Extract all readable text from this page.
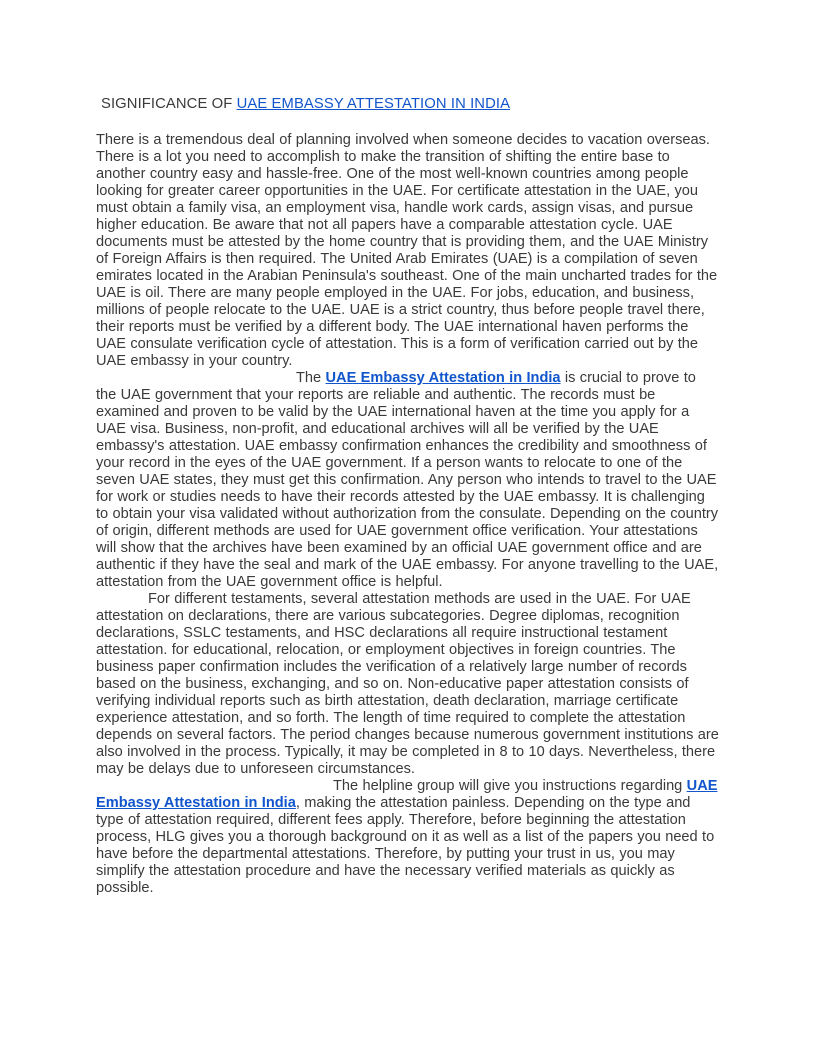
SIGNIFICANCE OF UAE EMBASSY ATTESTATION IN INDIA

There is a tremendous deal of planning involved when someone decides to vacation overseas. There is a lot you need to accomplish to make the transition of shifting the entire base to another country easy and hassle-free. One of the most well-known countries among people looking for greater career opportunities in the UAE. For certificate attestation in the UAE, you must obtain a family visa, an employment visa, handle work cards, assign visas, and pursue higher education. Be aware that not all papers have a comparable attestation cycle. UAE documents must be attested by the home country that is providing them, and the UAE Ministry of Foreign Affairs is then required. The United Arab Emirates (UAE) is a compilation of seven emirates located in the Arabian Peninsula's southeast. One of the main uncharted trades for the UAE is oil. There are many people employed in the UAE. For jobs, education, and business, millions of people relocate to the UAE. UAE is a strict country, thus before people travel there, their reports must be verified by a different body. The UAE international haven performs the UAE consulate verification cycle of attestation. This is a form of verification carried out by the UAE embassy in your country.

The UAE Embassy Attestation in India is crucial to prove to the UAE government that your reports are reliable and authentic. The records must be examined and proven to be valid by the UAE international haven at the time you apply for a UAE visa. Business, non-profit, and educational archives will all be verified by the UAE embassy's attestation. UAE embassy confirmation enhances the credibility and smoothness of your record in the eyes of the UAE government. If a person wants to relocate to one of the seven UAE states, they must get this confirmation. Any person who intends to travel to the UAE for work or studies needs to have their records attested by the UAE embassy. It is challenging to obtain your visa validated without authorization from the consulate. Depending on the country of origin, different methods are used for UAE government office verification. Your attestations will show that the archives have been examined by an official UAE government office and are authentic if they have the seal and mark of the UAE embassy. For anyone travelling to the UAE, attestation from the UAE government office is helpful.

For different testaments, several attestation methods are used in the UAE. For UAE attestation on declarations, there are various subcategories. Degree diplomas, recognition declarations, SSLC testaments, and HSC declarations all require instructional testament attestation. for educational, relocation, or employment objectives in foreign countries. The business paper confirmation includes the verification of a relatively large number of records based on the business, exchanging, and so on. Non-educative paper attestation consists of verifying individual reports such as birth attestation, death declaration, marriage certificate experience attestation, and so forth. The length of time required to complete the attestation depends on several factors. The period changes because numerous government institutions are also involved in the process. Typically, it may be completed in 8 to 10 days. Nevertheless, there may be delays due to unforeseen circumstances.

The helpline group will give you instructions regarding UAE Embassy Attestation in India, making the attestation painless. Depending on the type and type of attestation required, different fees apply. Therefore, before beginning the attestation process, HLG gives you a thorough background on it as well as a list of the papers you need to have before the departmental attestations. Therefore, by putting your trust in us, you may simplify the attestation procedure and have the necessary verified materials as quickly as possible.
